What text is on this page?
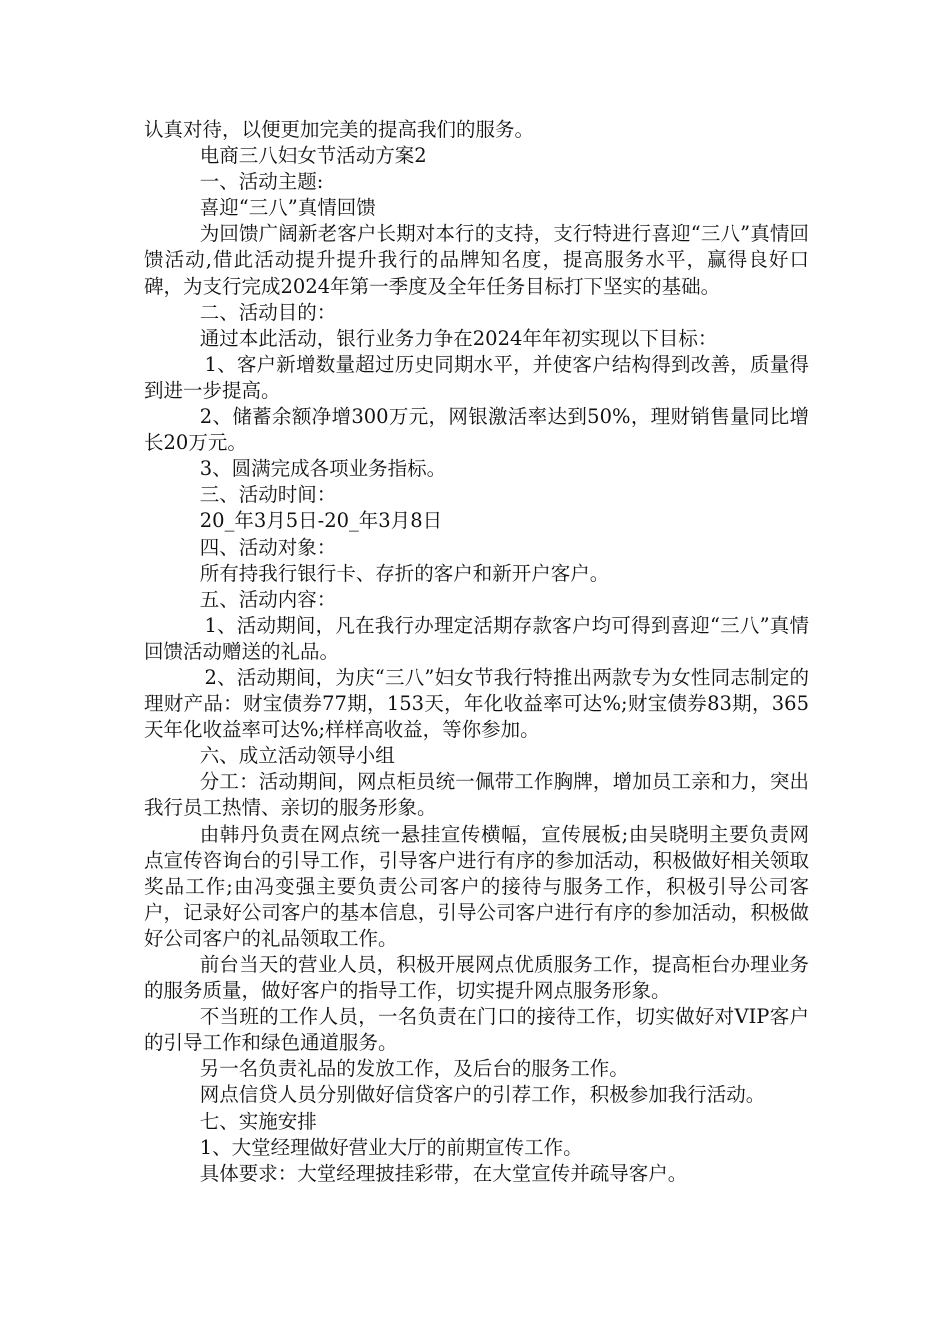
认真对待，以便更加完美的提高我们的服务。

电商三八妇女节活动方案2

一、活动主题:

喜迎“三八”真情回馈

为回馈广阔新老客户长期对本行的支持，支行特进行喜迎“三八”真情回馈活动,借此活动提升提升我行的品牌知名度，提高服务水平，赢得良好口碑，为支行完成2024年第一季度及全年任务目标打下坚实的基础。

二、活动目的：

通过本此活动，银行业务力争在2024年年初实现以下目标：

1、客户新增数量超过历史同期水平，并使客户结构得到改善，质量得到进一步提高。

2、储蓄余额净增300万元，网银激活率达到50%，理财销售量同比增长20万元。

3、圆满完成各项业务指标。

三、活动时间：

20_年3月5日-20_年3月8日

四、活动对象：

所有持我行银行卡、存折的客户和新开户客户。

五、活动内容：

1、活动期间，凡在我行办理定活期存款客户均可得到喜迎“三八”真情回馈活动赠送的礼品。

2、活动期间，为庆“三八”妇女节我行特推出两款专为女性同志制定的理财产品：财宝债券77期，153天，年化收益率可达%;财宝债券83期，365天年化收益率可达%;样样高收益，等你参加。

六、成立活动领导小组

分工：活动期间，网点柜员统一佩带工作胸牌，增加员工亲和力，突出我行员工热情、亲切的服务形象。

由韩丹负责在网点统一悬挂宣传横幅，宣传展板;由吴晓明主要负责网点宣传咨询台的引导工作，引导客户进行有序的参加活动，积极做好相关领取奖品工作;由冯变强主要负责公司客户的接待与服务工作，积极引导公司客户，记录好公司客户的基本信息，引导公司客户进行有序的参加活动，积极做好公司客户的礼品领取工作。

前台当天的营业人员，积极开展网点优质服务工作，提高柜台办理业务的服务质量，做好客户的指导工作，切实提升网点服务形象。

不当班的工作人员，一名负责在门口的接待工作，切实做好对VIP客户的引导工作和绿色通道服务。

另一名负责礼品的发放工作，及后台的服务工作。

网点信贷人员分别做好信贷客户的引荐工作，积极参加我行活动。

七、实施安排

1、大堂经理做好营业大厅的前期宣传工作。

具体要求：大堂经理披挂彩带，在大堂宣传并疏导客户。
